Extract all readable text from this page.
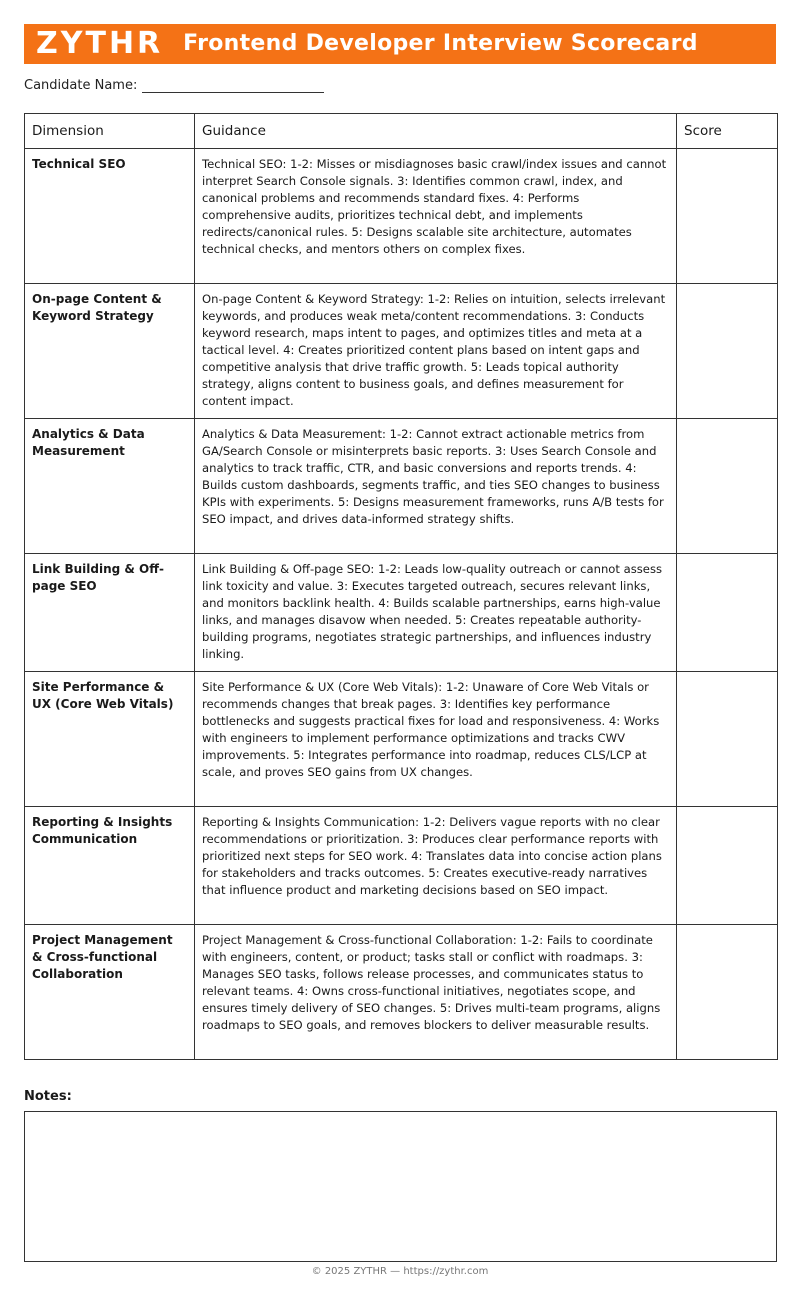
ZYTHR Frontend Developer Interview Scorecard
Candidate Name:
Dimension	Guidance	Score
Technical SEO	Technical SEO: 1-2: Misses or misdiagnoses basic crawl/index issues and cannot interpret Search Console signals. 3: Identifies common crawl, index, and canonical problems and recommends standard fixes. 4: Performs comprehensive audits, prioritizes technical debt, and implements redirects/canonical rules. 5: Designs scalable site architecture, automates technical checks, and mentors others on complex fixes.	
On-page Content & Keyword Strategy	On-page Content & Keyword Strategy: 1-2: Relies on intuition, selects irrelevant keywords, and produces weak meta/content recommendations. 3: Conducts keyword research, maps intent to pages, and optimizes titles and meta at a tactical level. 4: Creates prioritized content plans based on intent gaps and competitive analysis that drive traffic growth. 5: Leads topical authority strategy, aligns content to business goals, and defines measurement for content impact.	
Analytics & Data Measurement	Analytics & Data Measurement: 1-2: Cannot extract actionable metrics from GA/Search Console or misinterprets basic reports. 3: Uses Search Console and analytics to track traffic, CTR, and basic conversions and reports trends. 4: Builds custom dashboards, segments traffic, and ties SEO changes to business KPIs with experiments. 5: Designs measurement frameworks, runs A/B tests for SEO impact, and drives data-informed strategy shifts.	
Link Building & Off-page SEO	Link Building & Off-page SEO: 1-2: Leads low-quality outreach or cannot assess link toxicity and value. 3: Executes targeted outreach, secures relevant links, and monitors backlink health. 4: Builds scalable partnerships, earns high-value links, and manages disavow when needed. 5: Creates repeatable authority-building programs, negotiates strategic partnerships, and influences industry linking.	
Site Performance & UX (Core Web Vitals)	Site Performance & UX (Core Web Vitals): 1-2: Unaware of Core Web Vitals or recommends changes that break pages. 3: Identifies key performance bottlenecks and suggests practical fixes for load and responsiveness. 4: Works with engineers to implement performance optimizations and tracks CWV improvements. 5: Integrates performance into roadmap, reduces CLS/LCP at scale, and proves SEO gains from UX changes.	
Reporting & Insights Communication	Reporting & Insights Communication: 1-2: Delivers vague reports with no clear recommendations or prioritization. 3: Produces clear performance reports with prioritized next steps for SEO work. 4: Translates data into concise action plans for stakeholders and tracks outcomes. 5: Creates executive-ready narratives that influence product and marketing decisions based on SEO impact.	
Project Management & Cross-functional Collaboration	Project Management & Cross-functional Collaboration: 1-2: Fails to coordinate with engineers, content, or product; tasks stall or conflict with roadmaps. 3: Manages SEO tasks, follows release processes, and communicates status to relevant teams. 4: Owns cross-functional initiatives, negotiates scope, and ensures timely delivery of SEO changes. 5: Drives multi-team programs, aligns roadmaps to SEO goals, and removes blockers to deliver measurable results.	
Notes:
© 2025 ZYTHR — https://zythr.com
